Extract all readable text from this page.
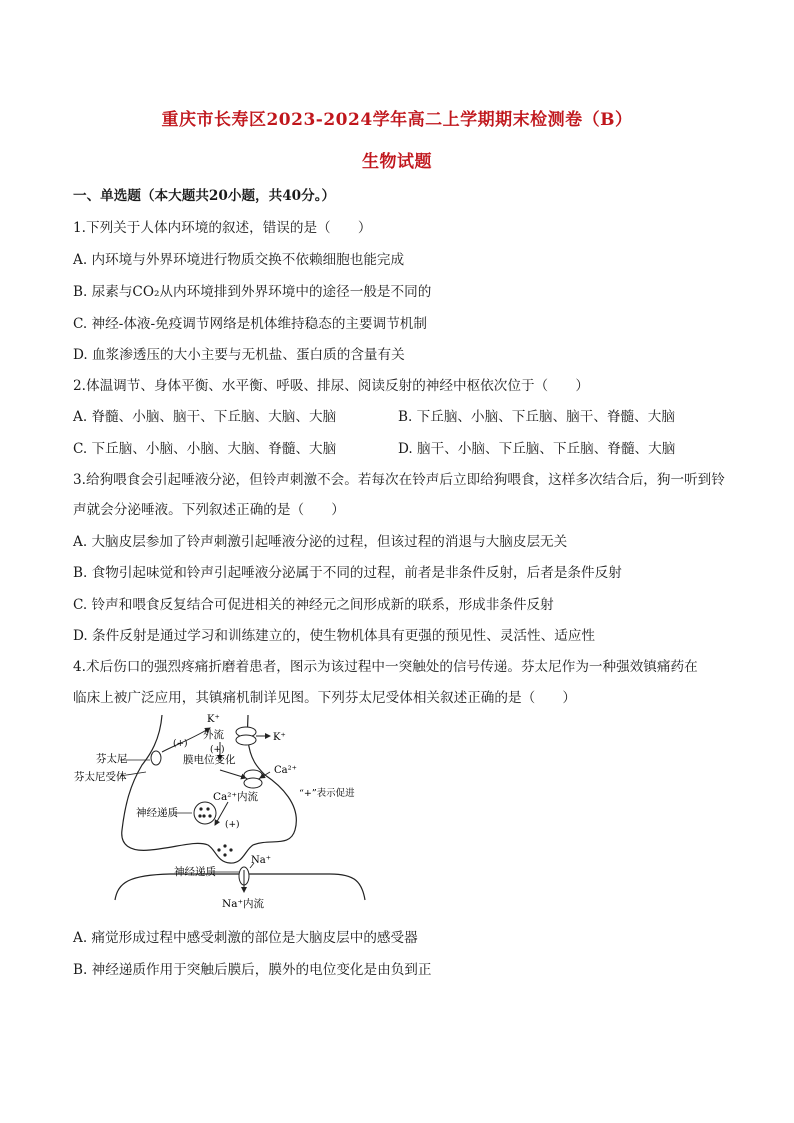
重庆市长寿区2023-2024学年高二上学期期末检测卷（B）
生物试题
一、单选题（本大题共20小题，共40分。）
1.下列关于人体内环境的叙述，错误的是（　　）
A. 内环境与外界环境进行物质交换不依赖细胞也能完成
B. 尿素与CO₂从内环境排到外界环境中的途径一般是不同的
C. 神经-体液-免疫调节网络是机体维持稳态的主要调节机制
D. 血浆渗透压的大小主要与无机盐、蛋白质的含量有关
2.体温调节、身体平衡、水平衡、呼吸、排尿、阅读反射的神经中枢依次位于（　　）
A. 脊髓、小脑、脑干、下丘脑、大脑、大脑	B. 下丘脑、小脑、下丘脑、脑干、脊髓、大脑
C. 下丘脑、小脑、小脑、大脑、脊髓、大脑	D. 脑干、小脑、下丘脑、下丘脑、脊髓、大脑
3.给狗喂食会引起唾液分泌，但铃声刺激不会。若每次在铃声后立即给狗喂食，这样多次结合后，狗一听到铃
声就会分泌唾液。下列叙述正确的是（　　）
A. 大脑皮层参加了铃声刺激引起唾液分泌的过程，但该过程的消退与大脑皮层无关
B. 食物引起味觉和铃声引起唾液分泌属于不同的过程，前者是非条件反射，后者是条件反射
C. 铃声和喂食反复结合可促进相关的神经元之间形成新的联系，形成非条件反射
D. 条件反射是通过学习和训练建立的，使生物机体具有更强的预见性、灵活性、适应性
4.术后伤口的强烈疼痛折磨着患者，图示为该过程中一突触处的信号传递。芬太尼作为一种强效镇痛药在
临床上被广泛应用，其镇痛机制详见图。下列芬太尼受体相关叙述正确的是（　　）
K⁺
(+)
外流	K⁺
(+)
膜电位变化
芬太尼
芬太尼受体
Ca²⁺
Ca²⁺内流	“+”表示促进
神经递质
(+)
神经递质
Na⁺
Na⁺内流
A. 痛觉形成过程中感受刺激的部位是大脑皮层中的感受器
B. 神经递质作用于突触后膜后，膜外的电位变化是由负到正
